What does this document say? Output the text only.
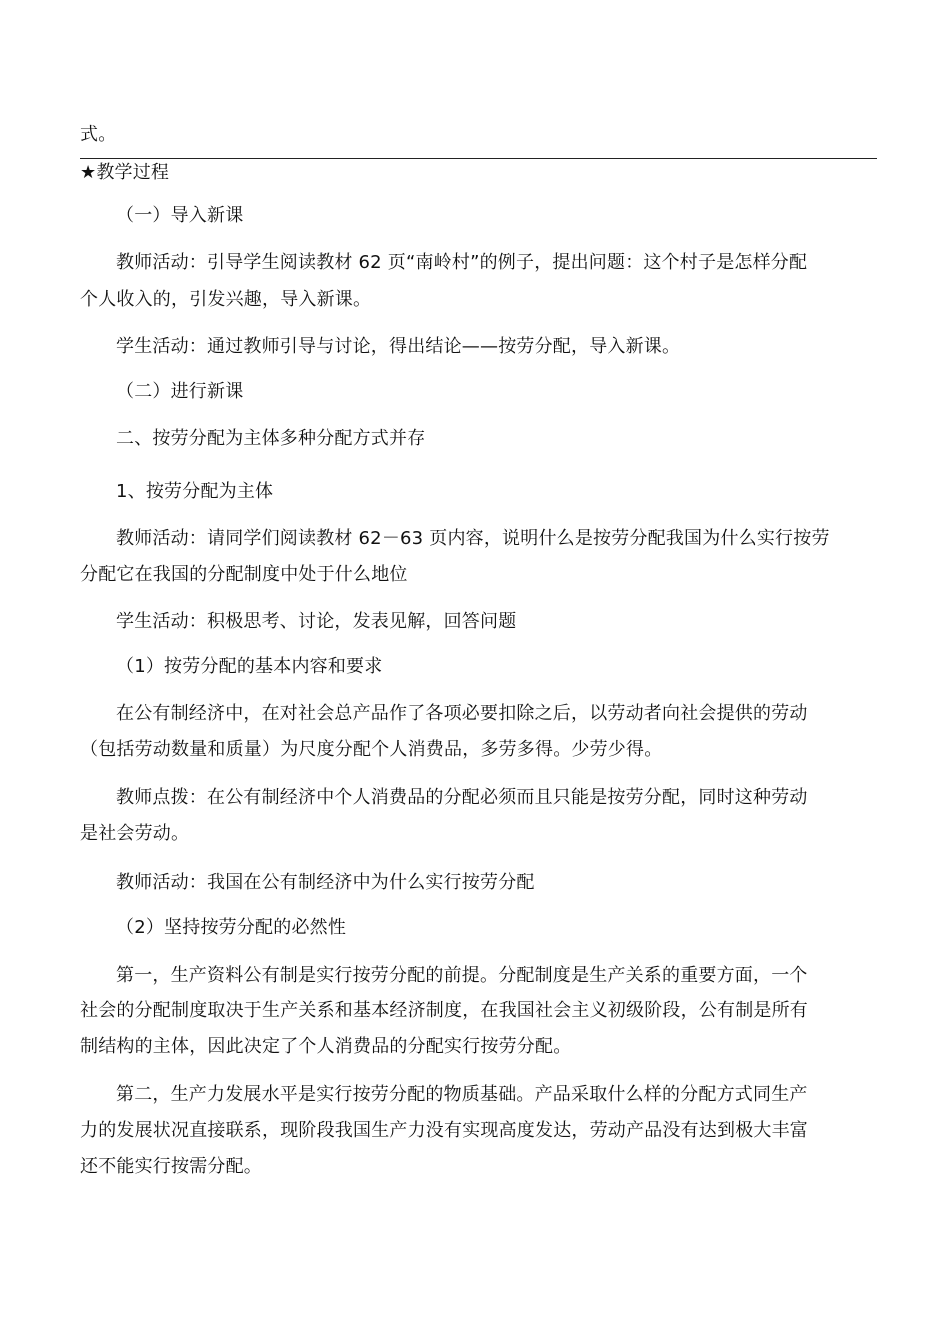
式。
★教学过程
（一）导入新课
教师活动：引导学生阅读教材 62 页“南岭村”的例子，提出问题：这个村子是怎样分配
个人收入的，引发兴趣，导入新课。
学生活动：通过教师引导与讨论，得出结论——按劳分配，导入新课。
（二）进行新课
二、按劳分配为主体多种分配方式并存
1、按劳分配为主体
教师活动：请同学们阅读教材 62－63 页内容，说明什么是按劳分配我国为什么实行按劳
分配它在我国的分配制度中处于什么地位
学生活动：积极思考、讨论，发表见解，回答问题
（1）按劳分配的基本内容和要求
在公有制经济中，在对社会总产品作了各项必要扣除之后，以劳动者向社会提供的劳动
（包括劳动数量和质量）为尺度分配个人消费品，多劳多得。少劳少得。
教师点拨：在公有制经济中个人消费品的分配必须而且只能是按劳分配，同时这种劳动
是社会劳动。
教师活动：我国在公有制经济中为什么实行按劳分配
（2）坚持按劳分配的必然性
第一，生产资料公有制是实行按劳分配的前提。分配制度是生产关系的重要方面，一个
社会的分配制度取决于生产关系和基本经济制度，在我国社会主义初级阶段，公有制是所有
制结构的主体，因此决定了个人消费品的分配实行按劳分配。
第二，生产力发展水平是实行按劳分配的物质基础。产品采取什么样的分配方式同生产
力的发展状况直接联系，现阶段我国生产力没有实现高度发达，劳动产品没有达到极大丰富
还不能实行按需分配。
